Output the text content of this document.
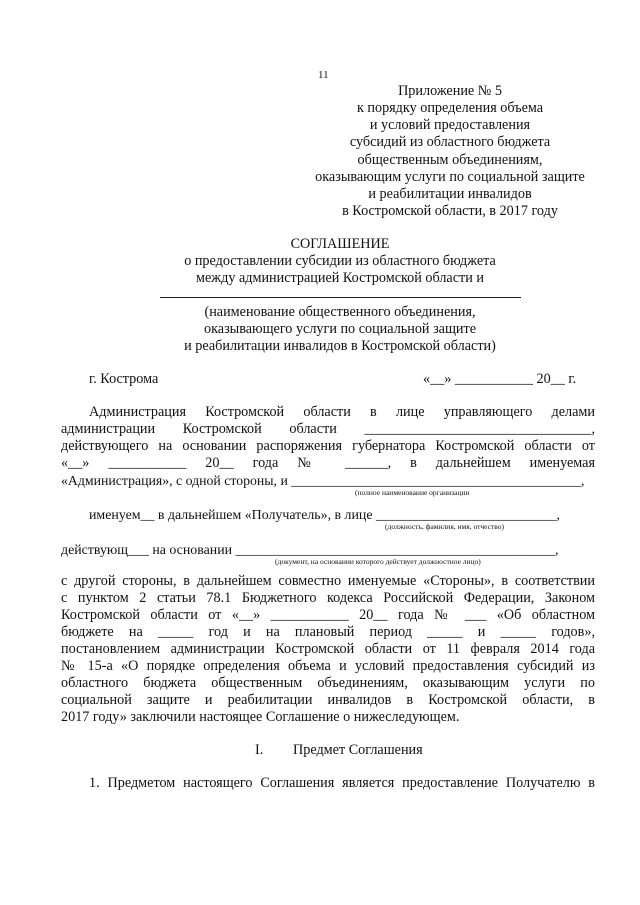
11
Приложение № 5
к порядку определения объема
и условий предоставления
субсидий из областного бюджета
общественным объединениям,
оказывающим услуги по социальной защите
и реабилитации инвалидов
в Костромской области, в 2017 году
СОГЛАШЕНИЕ
о предоставлении субсидии из областного бюджета
между администрацией Костромской области и
(наименование общественного объединения,
оказывающего услуги по социальной защите
и реабилитации инвалидов в Костромской области)
г. Кострома	«__» ___________ 20__ г.
Администрация Костромской области в лице управляющего делами
администрации Костромской области ________________________________,
действующего на основании распоряжения губернатора Костромской области от
«__» ___________ 20__ года № ______, в дальнейшем именуемая
«Администрация», с одной стороны, и __________________________________________,
(полное наименование организации
именуем__ в дальнейшем «Получатель», в лице __________________________,
(должность, фамилия, имя, отчество)
действующ___ на основании ______________________________________________,
(документ, на основании которого действует должностное лицо)
с другой стороны, в дальнейшем совместно именуемые «Стороны», в соответствии
с пунктом 2 статьи 78.1 Бюджетного кодекса Российской Федерации, Законом
Костромской области от «__» ___________ 20__ года № ___ «Об областном
бюджете на _____ год и на плановый период _____ и _____ годов»,
постановлением администрации Костромской области от 11 февраля 2014 года
№ 15-а «О порядке определения объема и условий предоставления субсидий из
областного бюджета общественным объединениям, оказывающим услуги по
социальной защите и реабилитации инвалидов в Костромской области, в
2017 году» заключили настоящее Соглашение о нижеследующем.
I. Предмет Соглашения
1. Предметом настоящего Соглашения является предоставление Получателю в
